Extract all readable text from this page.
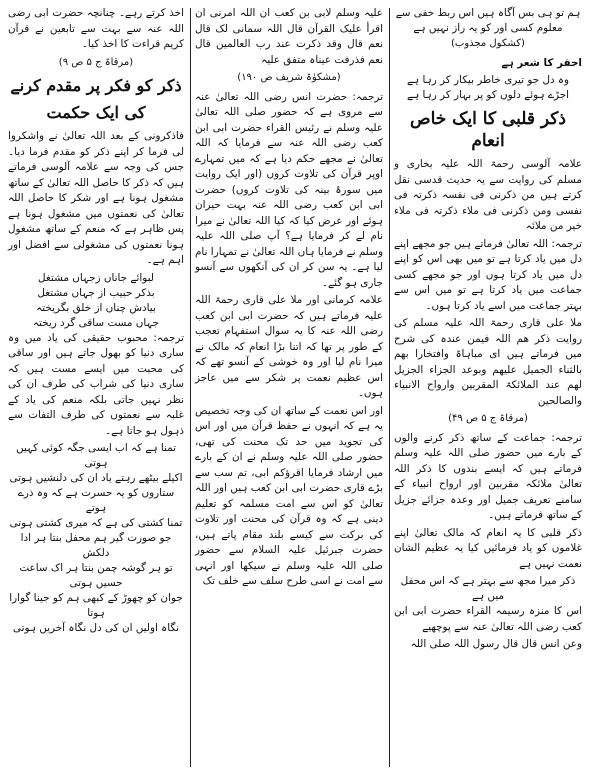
ہم تو ہی بس آگاہ ہیں اس ربط خفی سے

معلوم کسی اور کو یہ راز نہیں ہے

(کشکول مجذوب)

احقر کا شعر ہے

وہ دل جو تیری خاطر بیکار کر رہا ہے

اجڑے ہوئے دلوں کو پر بہار کر رہا ہے

ذکر قلبی کا ایک خاص انعام

علامہ آلوسی رحمۃ اللہ علیہ بخاری و مسلم کی روایت سے یہ حدیث قدسی نقل کرتے ہیں من ذکرنی فی نفسہ ذکرتہ فی نفسی ومن ذکرنی فی ملاء ذکرتہ فی ملاء خیر من ملائہ

ترجمہ: اللہ تعالیٰ فرماتے ہیں جو مجھے اپنے دل میں یاد کرتا ہے تو میں بھی اس کو اپنے دل میں یاد کرتا ہوں اور جو مجھے کسی جماعت میں یاد کرتا ہے تو میں اس سے بہتر جماعت میں اسے یاد کرتا ہوں۔

ملا علی قاری رحمۃ اللہ علیہ مسلم کی روایت ذکر ھم اللہ فیمن عندہ کی شرح میں فرماتے ہیں ای مباہاۃ وافتخارا بھم بالثناء الجمیل علیھم وبوعد الجزاء الجزیل لھم عند الملائکۃ المقربین وارواح الانبیاء والصالحین

(مرقاۃ ج ۵ ص ۴۹)

ترجمہ: جماعت کے ساتھ ذکر کرنے والوں کے بارے میں حضور صلی اللہ علیہ وسلم فرماتے ہیں کہ ایسے بندوں کا ذکر اللہ تعالیٰ ملائکہ مقربین اور ارواح انبیاء کے سامنے تعریف جمیل اور وعدہ جزائے جزیل کے ساتھ فرماتے ہیں۔

ذکر قلبی کا یہ انعام کہ مالک تعالیٰ اپنے غلاموں کو یاد فرمائیں کیا یہ عظیم الشان نعمت نہیں ہے

ذکر میرا مجھ سے بہتر ہے کہ اس محفل میں ہے

اس کا منزہ رسیمہ القراء حضرت ابی ابن کعب رضی اللہ تعالیٰ عنہ سے پوچھیے

وعن انس قال قال رسول اللہ صلی اللہ

علیہ وسلم لابی بن کعب ان اللہ امرنی ان اقرأ علیک القرآن قال اللہ سمانی لک قال نعم قال وقد ذکرت عند رب العالمین قال نعم فذرفت عیناہ متفق علیہ

(مشکوٰۃ شریف ص ۱۹۰)

ترجمہ: حضرت انس رضی اللہ تعالیٰ عنہ سے مروی ہے کہ حضور صلی اللہ تعالیٰ علیہ وسلم نے رئیس القراء حضرت ابی ابن کعب رضی اللہ عنہ سے فرمایا کہ اللہ تعالیٰ نے مجھے حکم دیا ہے کہ میں تمہارے اوپر قرآن کی تلاوت کروں (اور ایک روایت میں سورۂ بینہ کی تلاوت کروں) حضرت ابی ابن کعب رضی اللہ عنہ بہت حیران ہوئے اور عرض کیا کہ کیا اللہ تعالیٰ نے میرا نام لے کر فرمایا ہے؟ آپ صلی اللہ علیہ وسلم نے فرمایا ہاں اللہ تعالیٰ نے تمہارا نام لیا ہے۔ یہ سن کر ان کی آنکھوں سے آنسو جاری ہو گئے۔

علامہ کرمانی اور ملا علی قاری رحمۃ اللہ علیہ فرماتے ہیں کہ حضرت ابی ابن کعب رضی اللہ عنہ کا یہ سوال استفہام تعجب کے طور پر تھا کہ اتنا بڑا انعام کہ مالک نے میرا نام لیا اور وہ خوشی کے آنسو تھے کہ اس عظیم نعمت پر شکر سے میں عاجز ہوں۔

اور اس نعمت کے ساتھ ان کی وجہ تخصیص یہ ہے کہ انہوں نے حفظ قرآن میں اور اس کی تجوید میں حد تک محنت کی تھی، حضور صلی اللہ علیہ وسلم نے ان کے بارے میں ارشاد فرمایا اقرؤکم ابی، تم سب سے بڑے قاری حضرت ابی ابن کعب ہیں اور اللہ تعالیٰ کو اس سے امت مسلمہ کو تعلیم دینی ہے کہ وہ قرآن کی محنت اور تلاوت کی برکت سے کیسے بلند مقام پاتے ہیں، حضرت جبرئیل علیہ السلام سے حضور صلی اللہ علیہ وسلم نے سیکھا اور انہی سے امت نے اسی طرح سلف سے خلف تک

اخذ کرتے رہے۔ چنانچہ حضرت ابی رضی اللہ عنہ سے بہت سے تابعین نے قرآن کریم قراءت کا اخذ کیا۔

(مرقاۃ ج ۵ ص ۹)

ذکر کو فکر پر مقدم کرنے
کی ایک حکمت

فاذکرونی کے بعد اللہ تعالیٰ نے واشکروا لی فرما کر اپنے ذکر کو مقدم فرما دیا۔ جس کی وجہ سے علامہ آلوسی فرماتے ہیں کہ ذکر کا حاصل اللہ تعالیٰ کے ساتھ مشغول ہونا ہے اور شکر کا حاصل اللہ تعالیٰ کی نعمتوں میں مشغول ہونا ہے پس ظاہر ہے کہ منعم کے ساتھ مشغول ہونا نعمتوں کی مشغولی سے افضل اور اہم ہے۔

لبوائے جاناں زجہاں مشتغل

بذکر حبیب از جہاں مشتغل

بیادش چناں از خلق بگریختہ

جہاں مست ساقی گرد ریختہ

ترجمہ: محبوب حقیقی کی یاد میں وہ ساری دنیا کو بھول جاتے ہیں اور ساقی کی محبت میں ایسے مست ہیں کہ ساری دنیا کی شراب کی طرف ان کی نظر نہیں جاتی بلکہ منعم کی یاد کے غلبہ سے نعمتوں کی طرف التفات سے ذہول ہو جاتا ہے۔

تمنا ہے کہ اب ایسی جگہ کوئی کہیں ہوتی

اکیلے بیٹھے رہتے یاد ان کی دلنشیں ہوتی

ستاروں کو یہ حسرت ہے کہ وہ ذرے ہوتے

تمنا کشتی کی ہے کہ میری کشتی ہوتی

جو صورت گیر ہم محفل بنتا ہر ادا دلکش

تو ہر گوشہ چمن بنتا ہر اک ساعت حسیں ہوتی

جوان کو چھوڑ کے کبھی ہم کو جینا گوارا ہوتا

نگاہ اولیں ان کی دل نگاہ آخریں ہوتی
